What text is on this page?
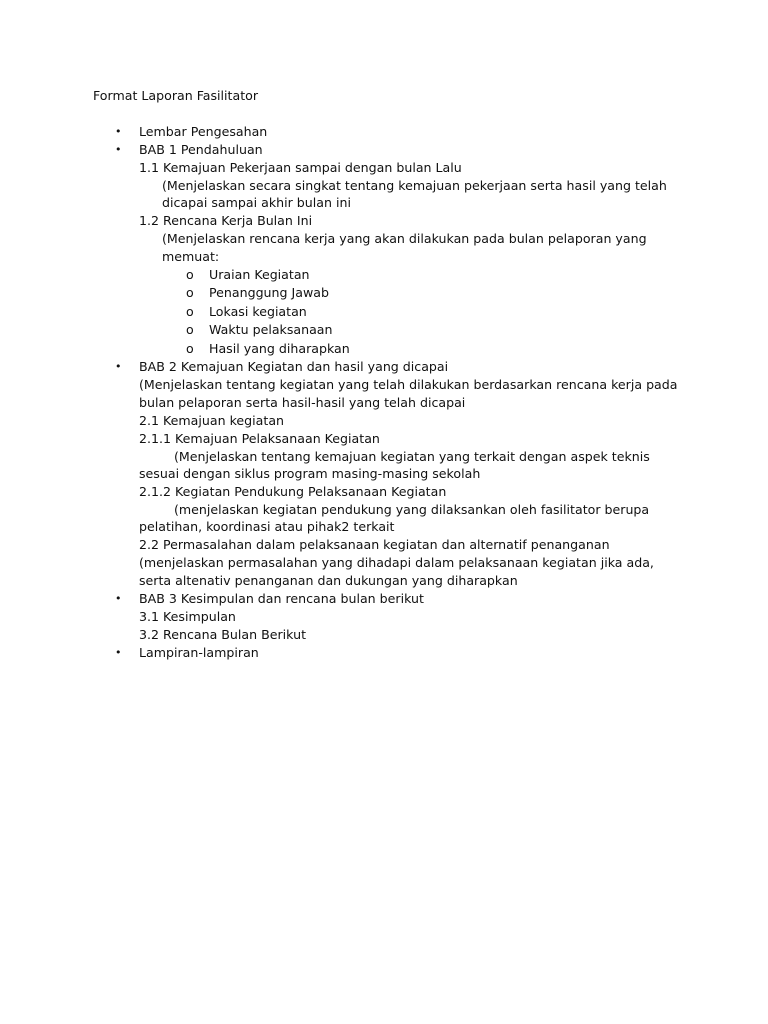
Format Laporan Fasilitator
• Lembar Pengesahan
• BAB 1 Pendahuluan
1.1 Kemajuan Pekerjaan sampai dengan bulan Lalu
(Menjelaskan secara singkat tentang kemajuan pekerjaan serta hasil yang telah
dicapai sampai akhir bulan ini
1.2 Rencana Kerja Bulan Ini
(Menjelaskan rencana kerja yang akan dilakukan pada bulan pelaporan yang
memuat:
o Uraian Kegiatan
o Penanggung Jawab
o Lokasi kegiatan
o Waktu pelaksanaan
o Hasil yang diharapkan
• BAB 2 Kemajuan Kegiatan dan hasil yang dicapai
(Menjelaskan tentang kegiatan yang telah dilakukan berdasarkan rencana kerja pada
bulan pelaporan serta hasil-hasil yang telah dicapai
2.1 Kemajuan kegiatan
2.1.1 Kemajuan Pelaksanaan Kegiatan
(Menjelaskan tentang kemajuan kegiatan yang terkait dengan aspek teknis
sesuai dengan siklus program masing-masing sekolah
2.1.2 Kegiatan Pendukung Pelaksanaan Kegiatan
(menjelaskan kegiatan pendukung yang dilaksankan oleh fasilitator berupa
pelatihan, koordinasi atau pihak2 terkait
2.2 Permasalahan dalam pelaksanaan kegiatan dan alternatif penanganan
(menjelaskan permasalahan yang dihadapi dalam pelaksanaan kegiatan jika ada,
serta altenativ penanganan dan dukungan yang diharapkan
• BAB 3 Kesimpulan dan rencana bulan berikut
3.1 Kesimpulan
3.2 Rencana Bulan Berikut
• Lampiran-lampiran
